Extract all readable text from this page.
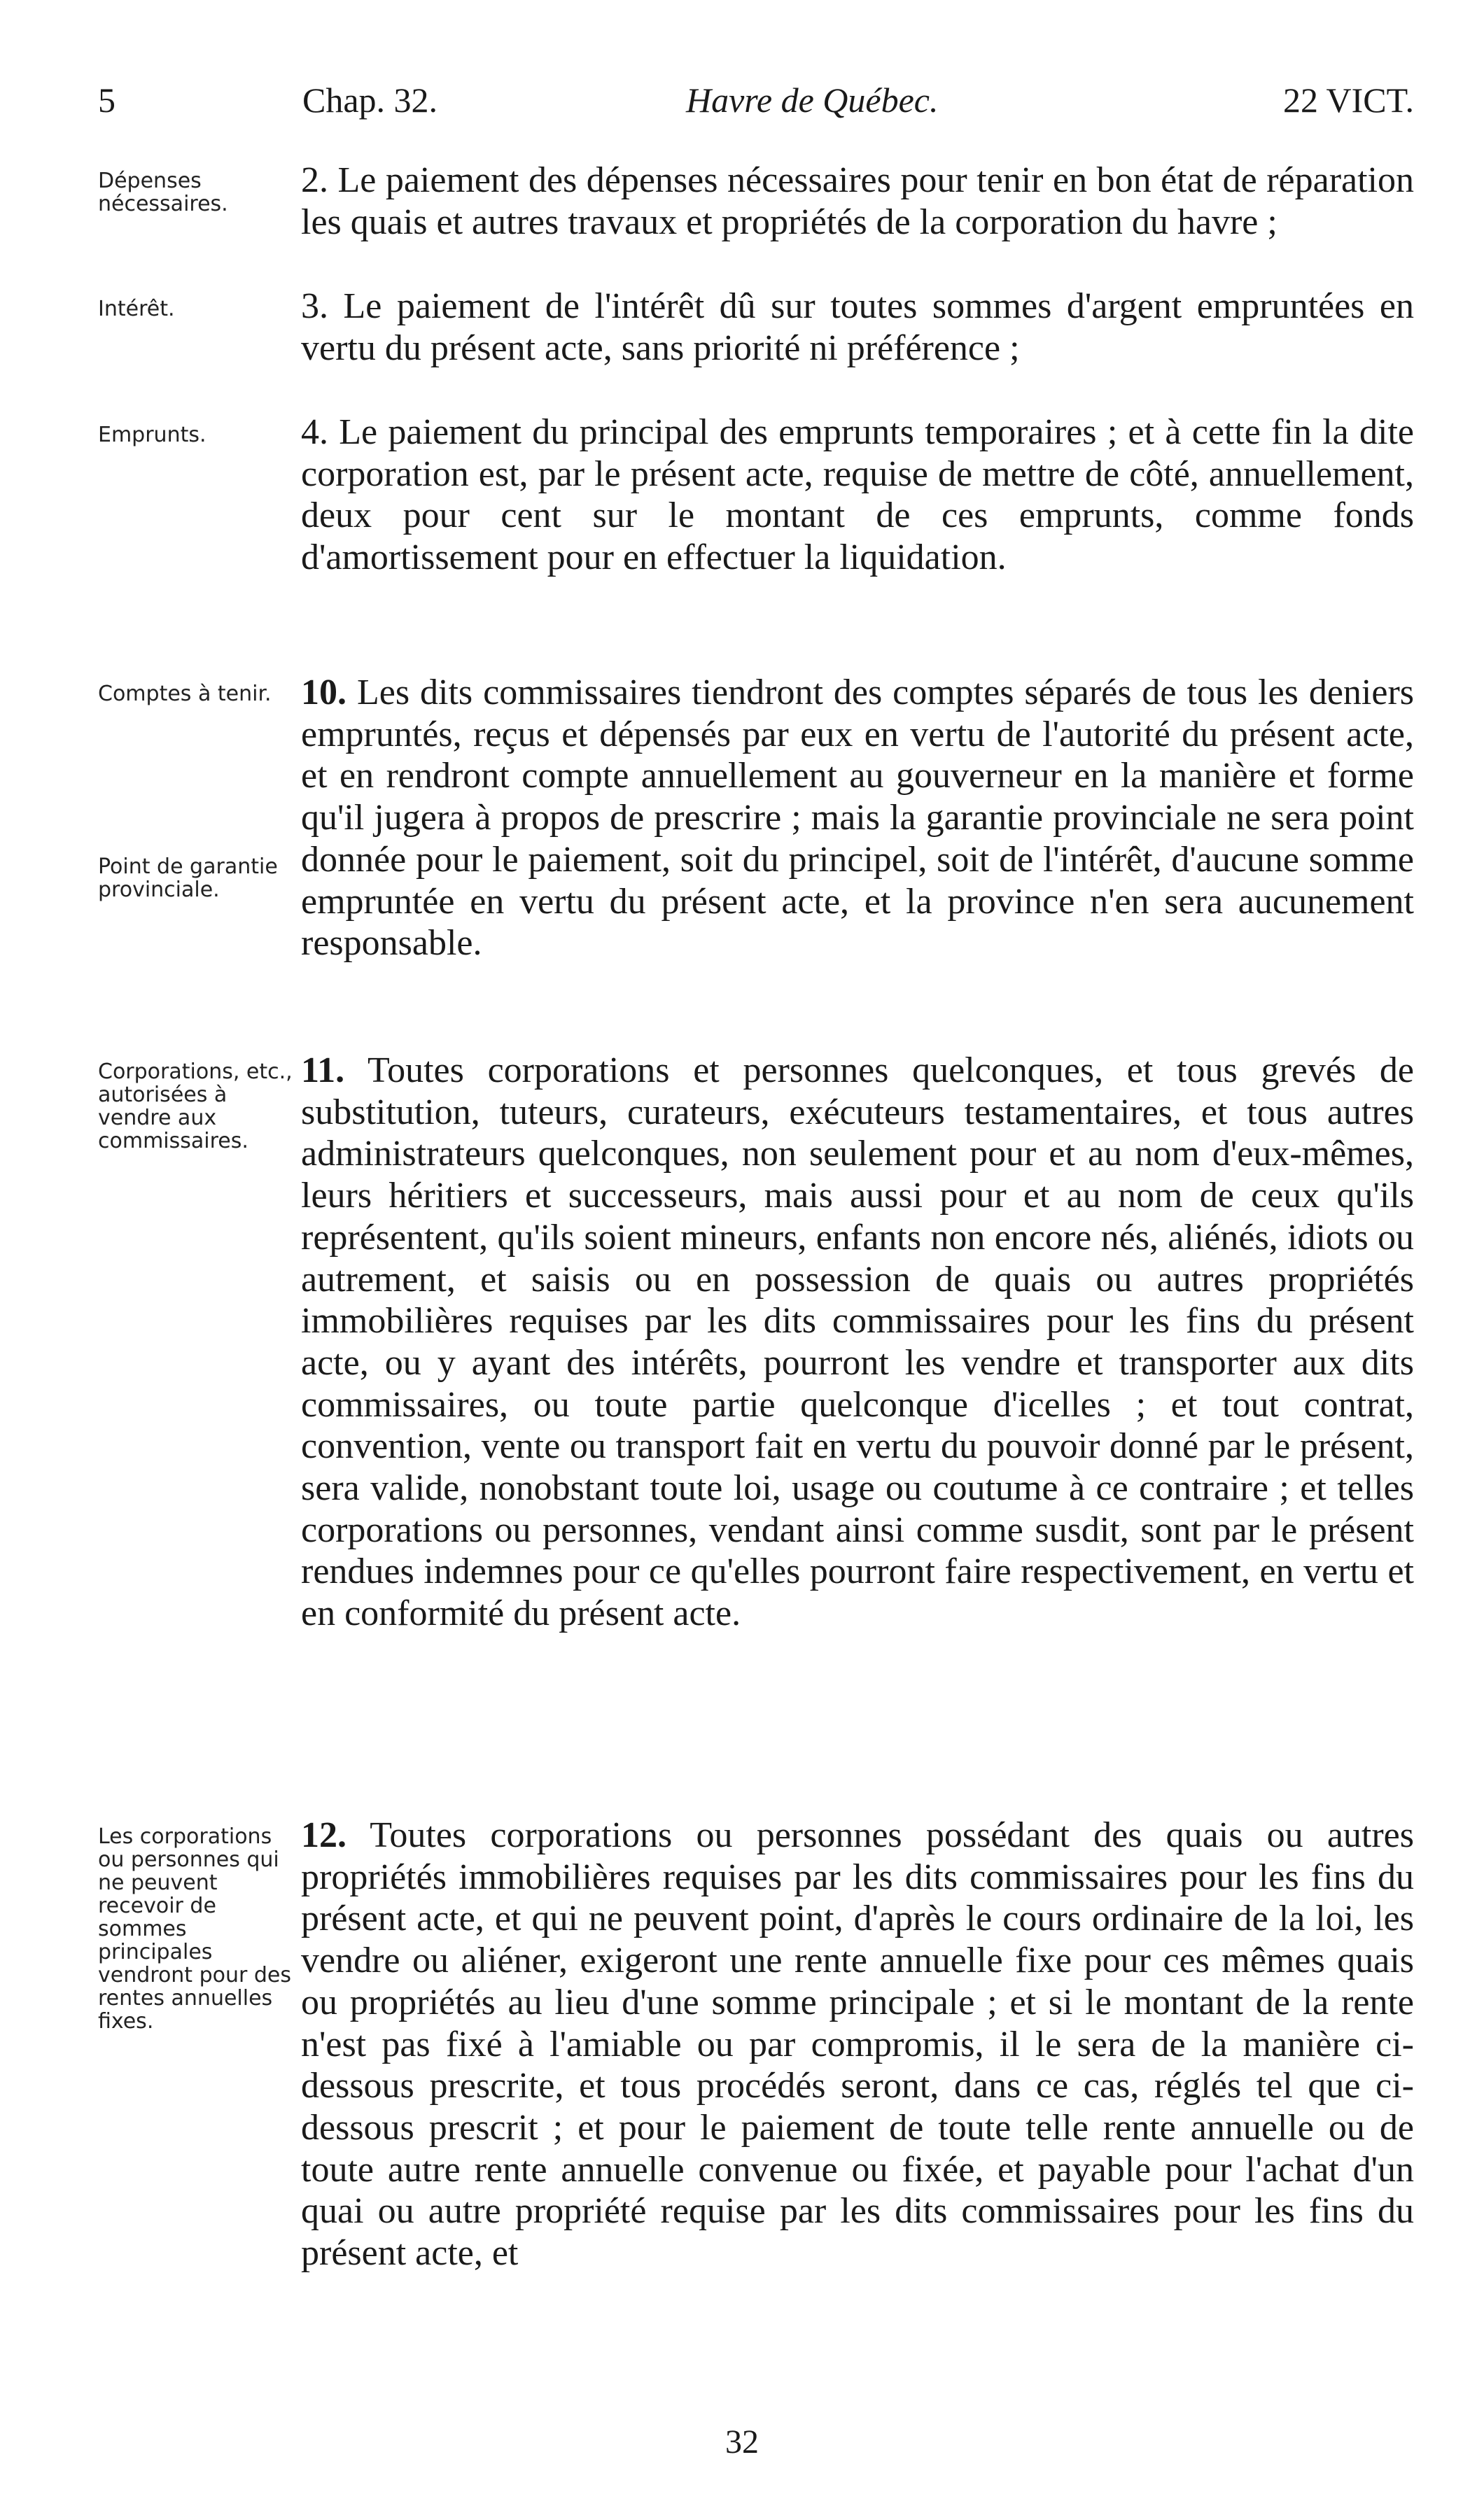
5	Chap. 32.	Havre de Québec.	22 VICT.
Dépenses nécessaires.
Intérêt.
Emprunts.
Comptes à tenir.
Point de garantie provinciale.
Corporations, etc., autorisées à vendre aux commissaires.
Les corporations ou personnes qui ne peuvent recevoir de sommes principales vendront pour des rentes annuelles fixes.
2. Le paiement des dépenses nécessaires pour tenir en bon état de réparation les quais et autres travaux et propriétés de la corporation du havre ;
3. Le paiement de l'intérêt dû sur toutes sommes d'argent empruntées en vertu du présent acte, sans priorité ni préférence ;
4. Le paiement du principal des emprunts temporaires ; et à cette fin la dite corporation est, par le présent acte, requise de mettre de côté, annuellement, deux pour cent sur le montant de ces emprunts, comme fonds d'amortissement pour en effectuer la liquidation.
10. Les dits commissaires tiendront des comptes séparés de tous les deniers empruntés, reçus et dépensés par eux en vertu de l'autorité du présent acte, et en rendront compte annuellement au gouverneur en la manière et forme qu'il jugera à propos de prescrire ; mais la garantie provinciale ne sera point donnée pour le paiement, soit du principel, soit de l'intérêt, d'aucune somme empruntée en vertu du présent acte, et la province n'en sera aucunement responsable.
11. Toutes corporations et personnes quelconques, et tous grevés de substitution, tuteurs, curateurs, exécuteurs testamentaires, et tous autres administrateurs quelconques, non seulement pour et au nom d'eux-mêmes, leurs héritiers et successeurs, mais aussi pour et au nom de ceux qu'ils représentent, qu'ils soient mineurs, enfants non encore nés, aliénés, idiots ou autrement, et saisis ou en possession de quais ou autres propriétés immobilières requises par les dits commissaires pour les fins du présent acte, ou y ayant des intérêts, pourront les vendre et transporter aux dits commissaires, ou toute partie quelconque d'icelles ; et tout contrat, convention, vente ou transport fait en vertu du pouvoir donné par le présent, sera valide, nonobstant toute loi, usage ou coutume à ce contraire ; et telles corporations ou personnes, vendant ainsi comme susdit, sont par le présent rendues indemnes pour ce qu'elles pourront faire respectivement, en vertu et en conformité du présent acte.
12. Toutes corporations ou personnes possédant des quais ou autres propriétés immobilières requises par les dits commissaires pour les fins du présent acte, et qui ne peuvent point, d'après le cours ordinaire de la loi, les vendre ou aliéner, exigeront une rente annuelle fixe pour ces mêmes quais ou propriétés au lieu d'une somme principale ; et si le montant de la rente n'est pas fixé à l'amiable ou par compromis, il le sera de la manière ci-dessous prescrite, et tous procédés seront, dans ce cas, réglés tel que ci-dessous prescrit ; et pour le paiement de toute telle rente annuelle ou de toute autre rente annuelle convenue ou fixée, et payable pour l'achat d'un quai ou autre propriété requise par les dits commissaires pour les fins du présent acte, et
32
